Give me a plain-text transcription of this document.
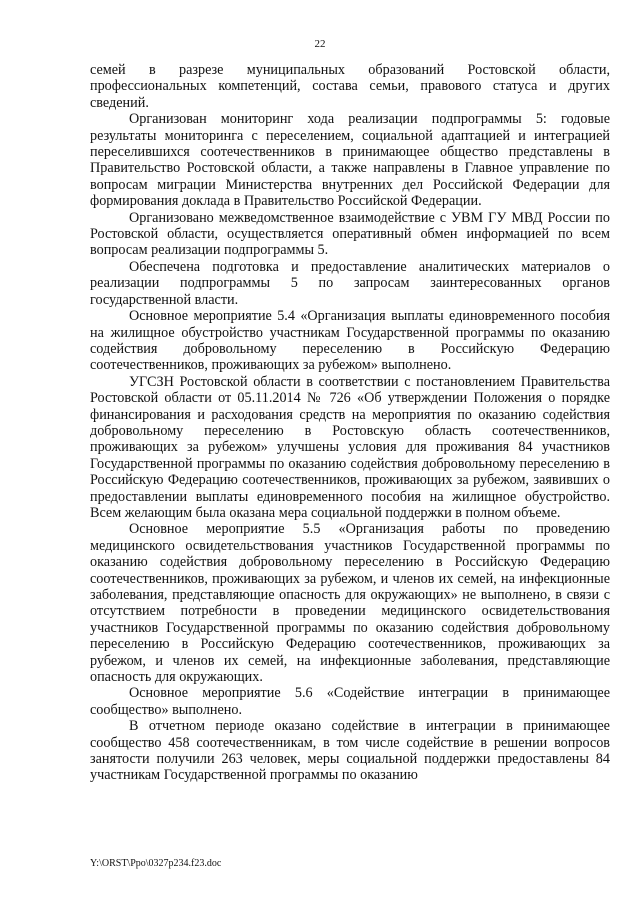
22

семей в разрезе муниципальных образований Ростовской области, профессиональных компетенций, состава семьи, правового статуса и других сведений.

Организован мониторинг хода реализации подпрограммы 5: годовые результаты мониторинга с переселением, социальной адаптацией и интеграцией переселившихся соотечественников в принимающее общество представлены в Правительство Ростовской области, а также направлены в Главное управление по вопросам миграции Министерства внутренних дел Российской Федерации для формирования доклада в Правительство Российской Федерации.

Организовано межведомственное взаимодействие с УВМ ГУ МВД России по Ростовской области, осуществляется оперативный обмен информацией по всем вопросам реализации подпрограммы 5.

Обеспечена подготовка и предоставление аналитических материалов о реализации подпрограммы 5 по запросам заинтересованных органов государственной власти.

Основное мероприятие 5.4 «Организация выплаты единовременного пособия на жилищное обустройство участникам Государственной программы по оказанию содействия добровольному переселению в Российскую Федерацию соотечественников, проживающих за рубежом» выполнено.

УГСЗН Ростовской области в соответствии с постановлением Правительства Ростовской области от 05.11.2014 № 726 «Об утверждении Положения о порядке финансирования и расходования средств на мероприятия по оказанию содействия добровольному переселению в Ростовскую область соотечественников, проживающих за рубежом» улучшены условия для проживания 84 участников Государственной программы по оказанию содействия добровольному переселению в Российскую Федерацию соотечественников, проживающих за рубежом, заявивших о предоставлении выплаты единовременного пособия на жилищное обустройство. Всем желающим была оказана мера социальной поддержки в полном объеме.

Основное мероприятие 5.5 «Организация работы по проведению медицинского освидетельствования участников Государственной программы по оказанию содействия добровольному переселению в Российскую Федерацию соотечественников, проживающих за рубежом, и членов их семей, на инфекционные заболевания, представляющие опасность для окружающих» не выполнено, в связи с отсутствием потребности в проведении медицинского освидетельствования участников Государственной программы по оказанию содействия добровольному переселению в Российскую Федерацию соотечественников, проживающих за рубежом, и членов их семей, на инфекционные заболевания, представляющие опасность для окружающих.

Основное мероприятие 5.6 «Содействие интеграции в принимающее сообщество» выполнено.

В отчетном периоде оказано содействие в интеграции в принимающее сообщество 458 соотечественникам, в том числе содействие в решении вопросов занятости получили 263 человек, меры социальной поддержки предоставлены 84 участникам Государственной программы по оказанию

Y:\ORST\Ppo\0327p234.f23.doc
